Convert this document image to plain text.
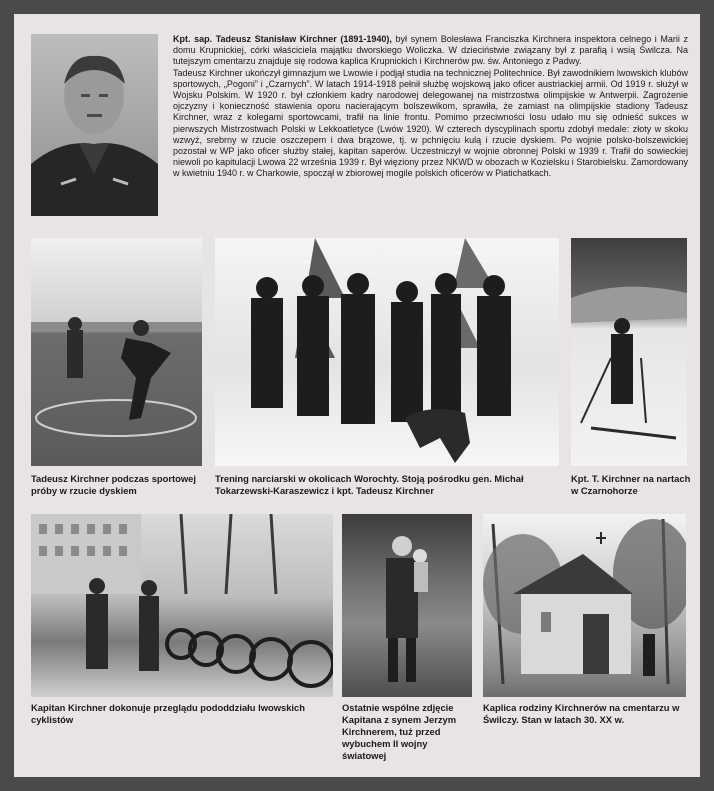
Kpt. sap. Tadeusz Stanisław Kirchner (1891-1940), był synem Bolesława Franciszka Kirchnera inspektora celnego i Marii z domu Krupnickiej, córki właściciela majątku dworskiego Woliczka. W dzieciństwie związany był z parafią i wsią Świlcza. Na tutejszym cmentarzu znajduje się rodowa kaplica Krupnickich i Kirchnerów pw. św. Antoniego z Padwy.

Tadeusz Kirchner ukończył gimnazjum we Lwowie i podjął studia na technicznej Politechnice. Był zawodnikiem lwowskich klubów sportowych, „Pogoni” i „Czarnych”. W latach 1914-1918 pełnił służbę wojskową jako oficer austriackiej armii. Od 1919 r. służył w Wojsku Polskim. W 1920 r. był członkiem kadry narodowej delegowanej na mistrzostwa olimpijskie w Antwerpii. Zagrożenie ojczyzny i konieczność stawienia oporu nacierającym bolszewikom, sprawiła, że zamiast na olimpijskie stadiony Tadeusz Kirchner, wraz z kolegami sportowcami, trafił na linie frontu. Pomimo przeciwności losu udało mu się odnieść sukces w pierwszych Mistrzostwach Polski w Lekkoatletyce (Lwów 1920). W czterech dyscyplinach sportu zdobył medale: złoty w skoku wzwyż, srebrny w rzucie oszczepem i dwa brązowe, tj. w pchnięciu kulą i rzucie dyskiem. Po wojnie polsko-bolszewickiej pozostał w WP jako oficer służby stałej, kapitan saperów. Uczestniczył w wojnie obronnej Polski w 1939 r. Trafił do sowieckiej niewoli po kapitulacji Lwowa 22 września 1939 r. Był więziony przez NKWD w obozach w Kozielsku i Starobielsku. Zamordowany w kwietniu 1940 r. w Charkowie, spoczął w zbiorowej mogile polskich oficerów w Piatichatkach.

Tadeusz Kirchner podczas sportowej próby w rzucie dyskiem
Trening narciarski w okolicach Worochty. Stoją pośrodku gen. Michał Tokarzewski-Karaszewicz i kpt. Tadeusz Kirchner
Kpt. T. Kirchner na nartach w Czarnohorze
Kapitan Kirchner dokonuje przeglądu pododdziału lwowskich cyklistów
Ostatnie wspólne zdjęcie Kapitana z synem Jerzym Kirchnerem, tuż przed wybuchem II wojny światowej
Kaplica rodziny Kirchnerów na cmentarzu w Świlczy. Stan w latach 30. XX w.
